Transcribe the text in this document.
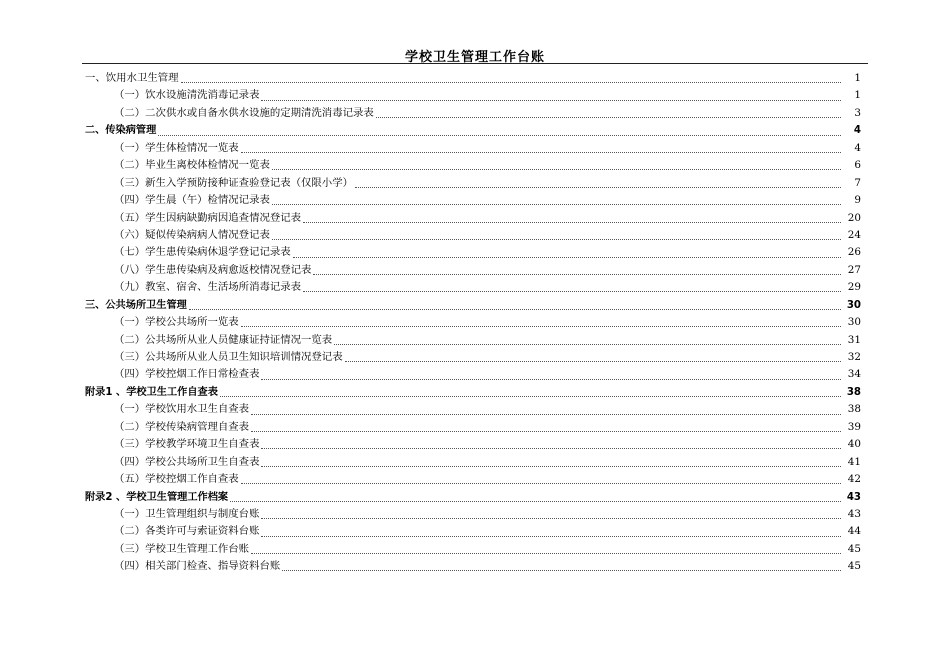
学校卫生管理工作台账
一、饮用水卫生管理	1
（一）饮水设施清洗消毒记录表	1
（二）二次供水或自备水供水设施的定期清洗消毒记录表	3
二、传染病管理	4
（一）学生体检情况一览表	4
（二）毕业生离校体检情况一览表	6
（三）新生入学预防接种证查验登记表（仅限小学）	7
（四）学生晨（午）检情况记录表	9
（五）学生因病缺勤病因追查情况登记表	20
（六）疑似传染病病人情况登记表	24
（七）学生患传染病休退学登记记录表	26
（八）学生患传染病及病愈返校情况登记表	27
（九）教室、宿舍、生活场所消毒记录表	29
三、公共场所卫生管理	30
（一）学校公共场所一览表	30
（二）公共场所从业人员健康证持证情况一览表	31
（三）公共场所从业人员卫生知识培训情况登记表	32
（四）学校控烟工作日常检查表	34
附录1 、学校卫生工作自查表	38
（一）学校饮用水卫生自查表	38
（二）学校传染病管理自查表	39
（三）学校教学环境卫生自查表	40
（四）学校公共场所卫生自查表	41
（五）学校控烟工作自查表	42
附录2 、学校卫生管理工作档案	43
（一）卫生管理组织与制度台账	43
（二）各类许可与索证资料台账	44
（三）学校卫生管理工作台账	45
（四）相关部门检查、指导资料台账	45
